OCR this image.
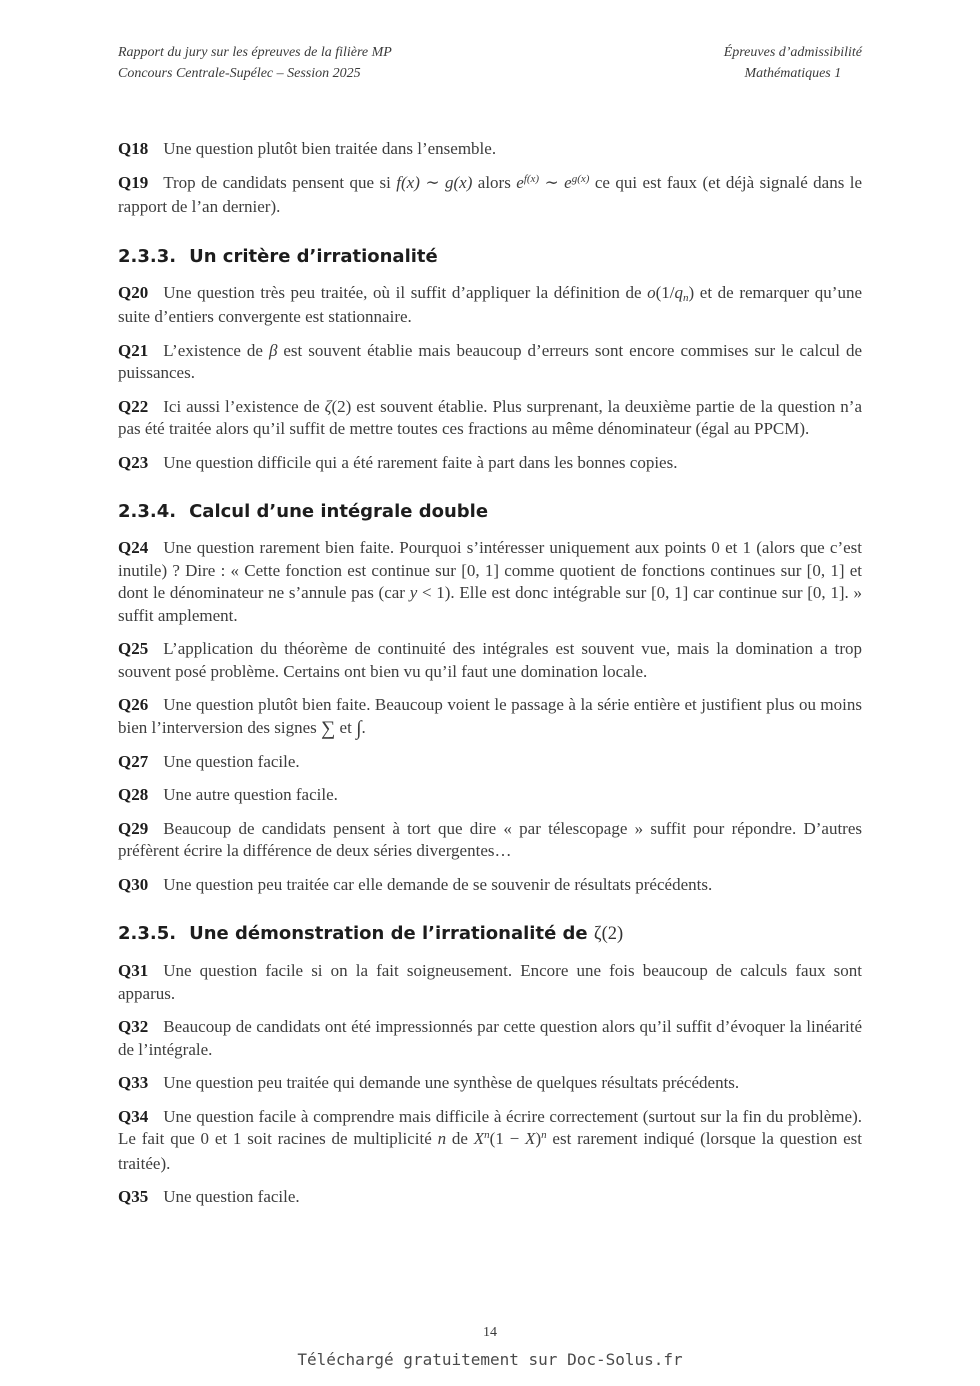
Rapport du jury sur les épreuves de la filière MP
Concours Centrale-Supélec – Session 2025
Épreuves d’admissibilité
Mathématiques 1

Q18 Une question plutôt bien traitée dans l’ensemble.

Q19 Trop de candidats pensent que si f(x) ∼ g(x) alors $e^{f(x)}$ ∼ $e^{g(x)}$ ce qui est faux (et déjà signalé dans le rapport de l’an dernier).

2.3.3. Un critère d’irrationalité

Q20 Une question très peu traitée, où il suffit d’appliquer la définition de o(1/qn) et de remarquer qu’une suite d’entiers convergente est stationnaire.

Q21 L’existence de β est souvent établie mais beaucoup d’erreurs sont encore commises sur le calcul de puissances.

Q22 Ici aussi l’existence de ζ(2) est souvent établie. Plus surprenant, la deuxième partie de la question n’a pas été traitée alors qu’il suffit de mettre toutes ces fractions au même dénominateur (égal au PPCM).

Q23 Une question difficile qui a été rarement faite à part dans les bonnes copies.

2.3.4. Calcul d’une intégrale double

Q24 Une question rarement bien faite. Pourquoi s’intéresser uniquement aux points 0 et 1 (alors que c’est inutile) ? Dire : « Cette fonction est continue sur [0, 1] comme quotient de fonctions continues sur [0, 1] et dont le dénominateur ne s’annule pas (car y < 1). Elle est donc intégrable sur [0, 1] car continue sur [0, 1]. » suffit amplement.

Q25 L’application du théorème de continuité des intégrales est souvent vue, mais la domination a trop souvent posé problème. Certains ont bien vu qu’il faut une domination locale.

Q26 Une question plutôt bien faite. Beaucoup voient le passage à la série entière et justifient plus ou moins bien l’interversion des signes ∑ et ∫.

Q27 Une question facile.

Q28 Une autre question facile.

Q29 Beaucoup de candidats pensent à tort que dire « par télescopage » suffit pour répondre. D’autres préfèrent écrire la différence de deux séries divergentes…

Q30 Une question peu traitée car elle demande de se souvenir de résultats précédents.

2.3.5. Une démonstration de l’irrationalité de ζ(2)

Q31 Une question facile si on la fait soigneusement. Encore une fois beaucoup de calculs faux sont apparus.

Q32 Beaucoup de candidats ont été impressionnés par cette question alors qu’il suffit d’évoquer la linéarité de l’intégrale.

Q33 Une question peu traitée qui demande une synthèse de quelques résultats précédents.

Q34 Une question facile à comprendre mais difficile à écrire correctement (surtout sur la fin du problème). Le fait que 0 et 1 soit racines de multiplicité n de $X^n(1 - X)^n$ est rarement indiqué (lorsque la question est traitée).

Q35 Une question facile.

14
Téléchargé gratuitement sur Doc-Solus.fr
